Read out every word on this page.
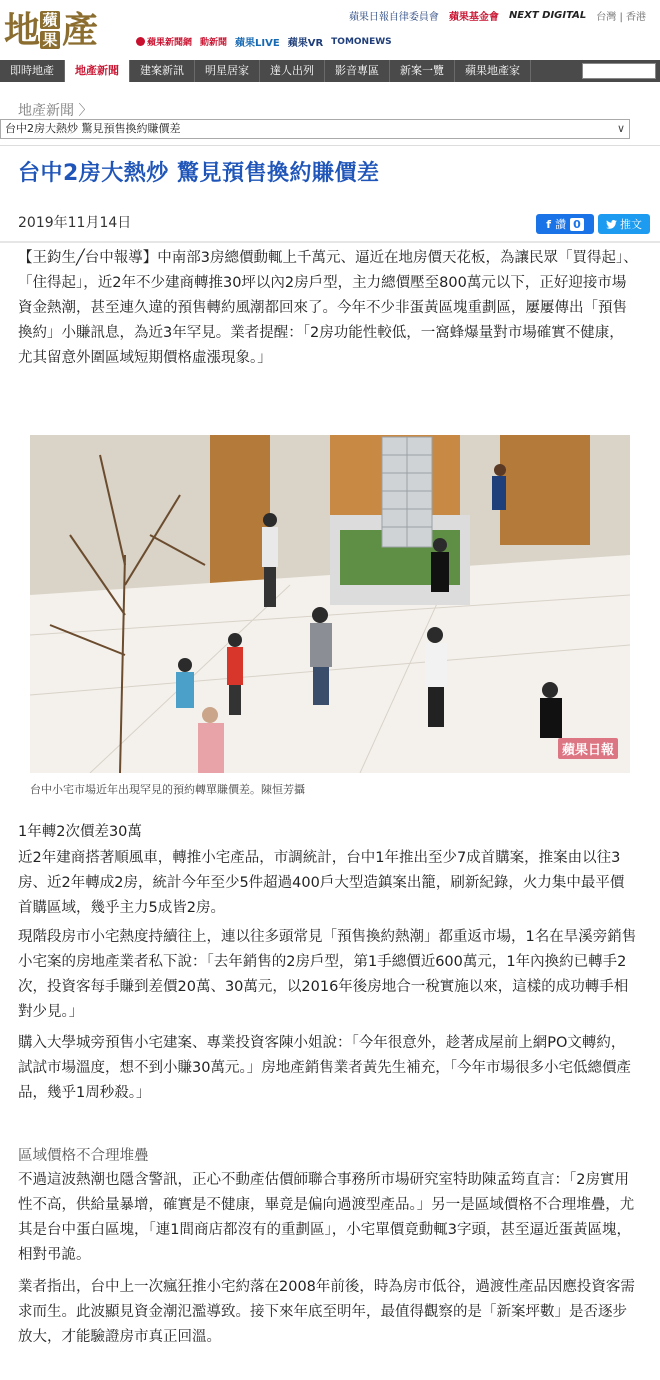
地 蘋
果 產	蘋果日報自律委員會 蘋果基金會 NEXT DIGITAL 台灣 | 香港
蘋果新聞網 動新聞 蘋果LIVE 蘋果VR TOMONEWS
即時地產	地產新聞	建案新訊	明星居家	達人出列	影音專區	新案一覽	蘋果地產家
地產新聞 〉
台中2房大熱炒 驚見預售換約賺價差	∨
台中2房大熱炒 驚見預售換約賺價差
2019年11月14日	f 讚 0	推文
【王鈞生╱台中報導】中南部3房總價動輒上千萬元、逼近在地房價天花板，為讓民眾「買得起」、「住得起」，近2年不少建商轉推30坪以內2房戶型，主力總價壓至800萬元以下，正好迎接市場資金熱潮，甚至連久違的預售轉約風潮都回來了。今年不少非蛋黃區塊重劃區，屢屢傳出「預售換約」小賺訊息，為近3年罕見。業者提醒：「2房功能性較低，一窩蜂爆量對市場確實不健康，尤其留意外圍區域短期價格虛漲現象。」
蘋果日報
台中小宅市場近年出現罕見的預約轉單賺價差。陳恒芳攝
1年轉2次價差30萬
近2年建商搭著順風車，轉推小宅產品，市調統計，台中1年推出至少7成首購案，推案由以往3房、近2年轉成2房，統計今年至少5件超過400戶大型造鎮案出籠，刷新紀錄，火力集中最平價首購區域，幾乎主力5成皆2房。
現階段房市小宅熱度持續往上，連以往多頭常見「預售換約熱潮」都重返市場，1名在旱溪旁銷售小宅案的房地產業者私下說：「去年銷售的2房戶型，第1手總價近600萬元，1年內換約已轉手2次，投資客每手賺到差價20萬、30萬元，以2016年後房地合一稅實施以來，這樣的成功轉手相對少見。」
購入大學城旁預售小宅建案、專業投資客陳小姐說：「今年很意外，趁著成屋前上網PO文轉約，試試市場溫度，想不到小賺30萬元。」房地產銷售業者黃先生補充，「今年市場很多小宅低總價產品，幾乎1周秒殺。」
區域價格不合理堆疊
不過這波熱潮也隱含警訊，正心不動產估價師聯合事務所市場研究室特助陳孟筠直言：「2房實用性不高，供給量暴增，確實是不健康，畢竟是偏向過渡型產品。」另一是區域價格不合理堆疊，尤其是台中蛋白區塊，「連1間商店都沒有的重劃區」，小宅單價竟動輒3字頭，甚至逼近蛋黃區塊，相對弔詭。
業者指出，台中上一次瘋狂推小宅約落在2008年前後，時為房市低谷，過渡性產品因應投資客需求而生。此波顯見資金潮氾濫導致。接下來年底至明年，最值得觀察的是「新案坪數」是否逐步放大，才能驗證房市真正回溫。
